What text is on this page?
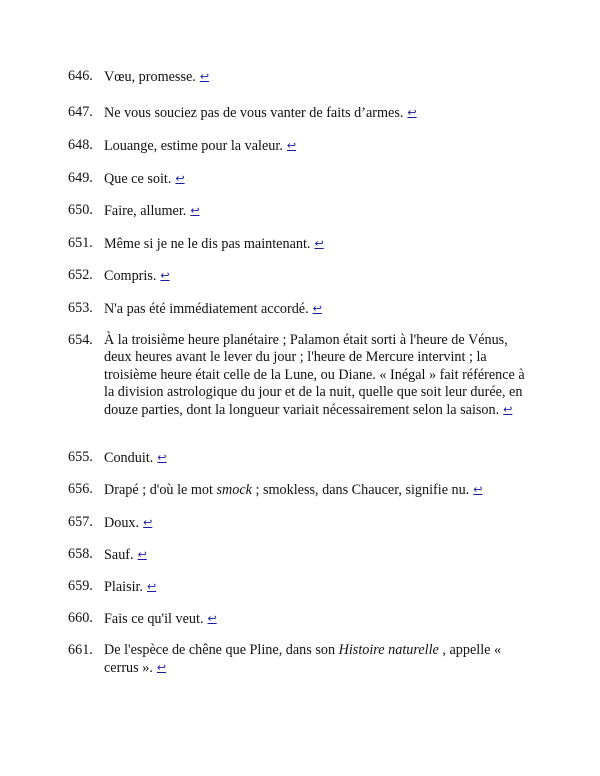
646. Vœu, promesse. ↩
647. Ne vous souciez pas de vous vanter de faits d’armes. ↩
648. Louange, estime pour la valeur. ↩
649. Que ce soit. ↩
650. Faire, allumer. ↩
651. Même si je ne le dis pas maintenant. ↩
652. Compris. ↩
653. N'a pas été immédiatement accordé. ↩
654. À la troisième heure planétaire ; Palamon était sorti à l'heure de Vénus, deux heures avant le lever du jour ; l'heure de Mercure intervint ; la troisième heure était celle de la Lune, ou Diane. « Inégal » fait référence à la division astrologique du jour et de la nuit, quelle que soit leur durée, en douze parties, dont la longueur variait nécessairement selon la saison. ↩
655. Conduit. ↩
656. Drapé ; d'où le mot smock ; smokless, dans Chaucer, signifie nu. ↩
657. Doux. ↩
658. Sauf. ↩
659. Plaisir. ↩
660. Fais ce qu'il veut. ↩
661. De l'espèce de chêne que Pline, dans son Histoire naturelle , appelle « cerrus ». ↩
